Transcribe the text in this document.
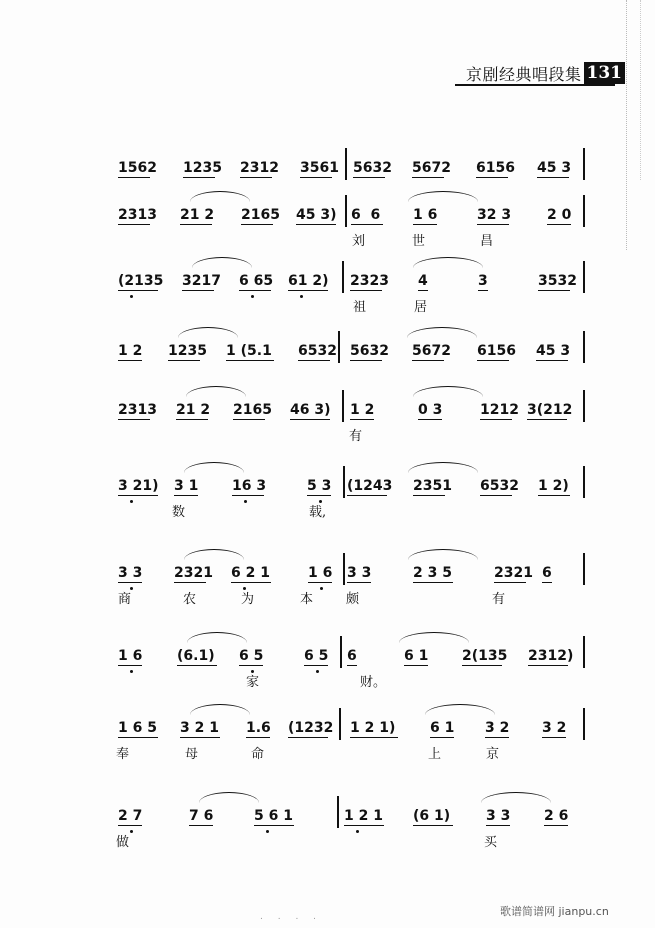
京剧经典唱段集 131
1562 1235 2312 3561 5632 5672 6156 45 3
2313 21 2 2165 45 3) 6  6 1 6	32 3	2 0
刘	世	昌
(2135 3217 6 65 61 2) 2323 4	3	3532
祖	居
1 2 1235 1 (5.1 6532 5632 5672 6156 45 3
2313 21 2 2165 46 3) 1 2	0 3	1212 3(212
有
3 21) 3 1 16 3	5 3 (1243 2351 6532 1 2)
数	载,
3 3 2321 6 2 1	1 6 3 3	2 3 5	2321 6
商	农	为	本	颇	有
1 6 (6.1) 6 5	6 5 6	6 1 2(135 2312)
家	财。
1 6 5 3 2 1 1.6 (1232 1 2 1) 6 1 3 2 3 2
奉	母	命	上	京
2 7	7 6	5 6 1	1 2 1 (6 1)	3 3 2 6
做	买
. . . .	歌谱简谱网 jianpu.cn
